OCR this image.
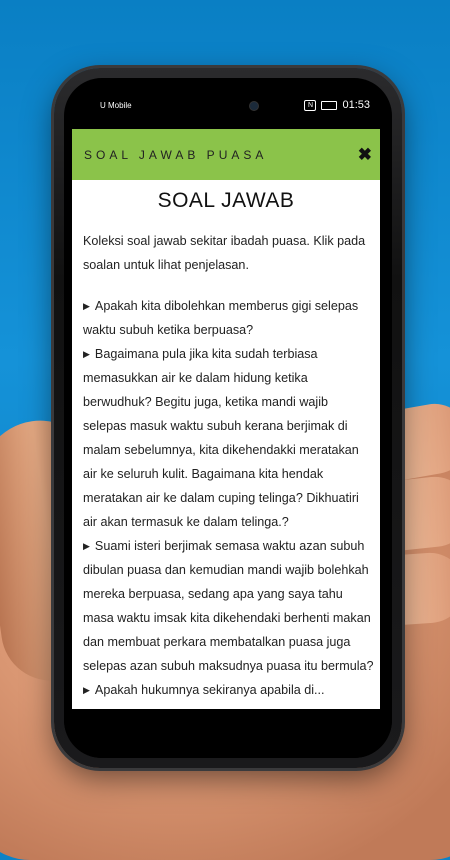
U Mobile	N	01:53
SOAL JAWAB PUASA	✖
SOAL JAWAB

Koleksi soal jawab sekitar ibadah puasa. Klik pada soalan untuk lihat penjelasan.

▶ Apakah kita dibolehkan memberus gigi selepas waktu subuh ketika berpuasa?

▶ Bagaimana pula jika kita sudah terbiasa memasukkan air ke dalam hidung ketika berwudhuk? Begitu juga, ketika mandi wajib selepas masuk waktu subuh kerana berjimak di malam sebelumnya, kita dikehendakki meratakan air ke seluruh kulit. Bagaimana kita hendak meratakan air ke dalam cuping telinga? Dikhuatiri air akan termasuk ke dalam telinga.?

▶ Suami isteri berjimak semasa waktu azan subuh dibulan puasa dan kemudian mandi wajib bolehkah mereka berpuasa, sedang apa yang saya tahu masa waktu imsak kita dikehendaki berhenti makan dan membuat perkara membatalkan puasa juga selepas azan subuh maksudnya puasa itu bermula?

▶ Apakah hukumnya sekiranya apabila di...
